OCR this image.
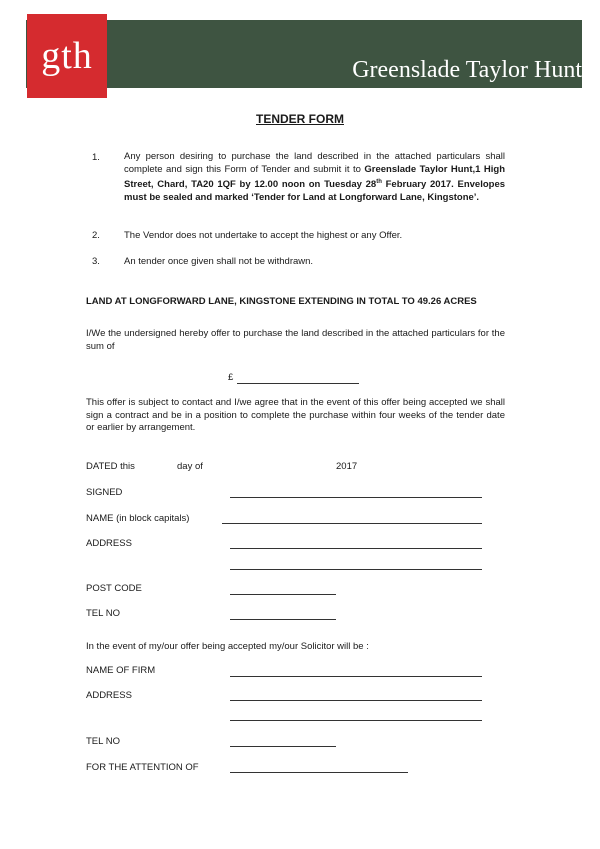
Greenslade Taylor Hunt
gth
TENDER FORM
1.	Any person desiring to purchase the land described in the attached particulars shall complete and sign this Form of Tender and submit it to Greenslade Taylor Hunt,1 High Street, Chard, TA20 1QF by 12.00 noon on Tuesday 28th February 2017. Envelopes must be sealed and marked ‘Tender for Land at Longforward Lane, Kingstone’.
2.	The Vendor does not undertake to accept the highest or any Offer.
3.	An tender once given shall not be withdrawn.
LAND AT LONGFORWARD LANE, KINGSTONE EXTENDING IN TOTAL TO 49.26 ACRES
I/We the undersigned hereby offer to purchase the land described in the attached particulars for the sum of
£
This offer is subject to contact and I/we agree that in the event of this offer being accepted we shall sign a contract and be in a position to complete the purchase within four weeks of the tender date or earlier by arrangement.
DATED this	day of	2017
SIGNED
NAME (in block capitals)
ADDRESS
POST CODE
TEL NO
In the event of my/our offer being accepted my/our Solicitor will be :
NAME OF FIRM
ADDRESS
TEL NO
FOR THE ATTENTION OF
